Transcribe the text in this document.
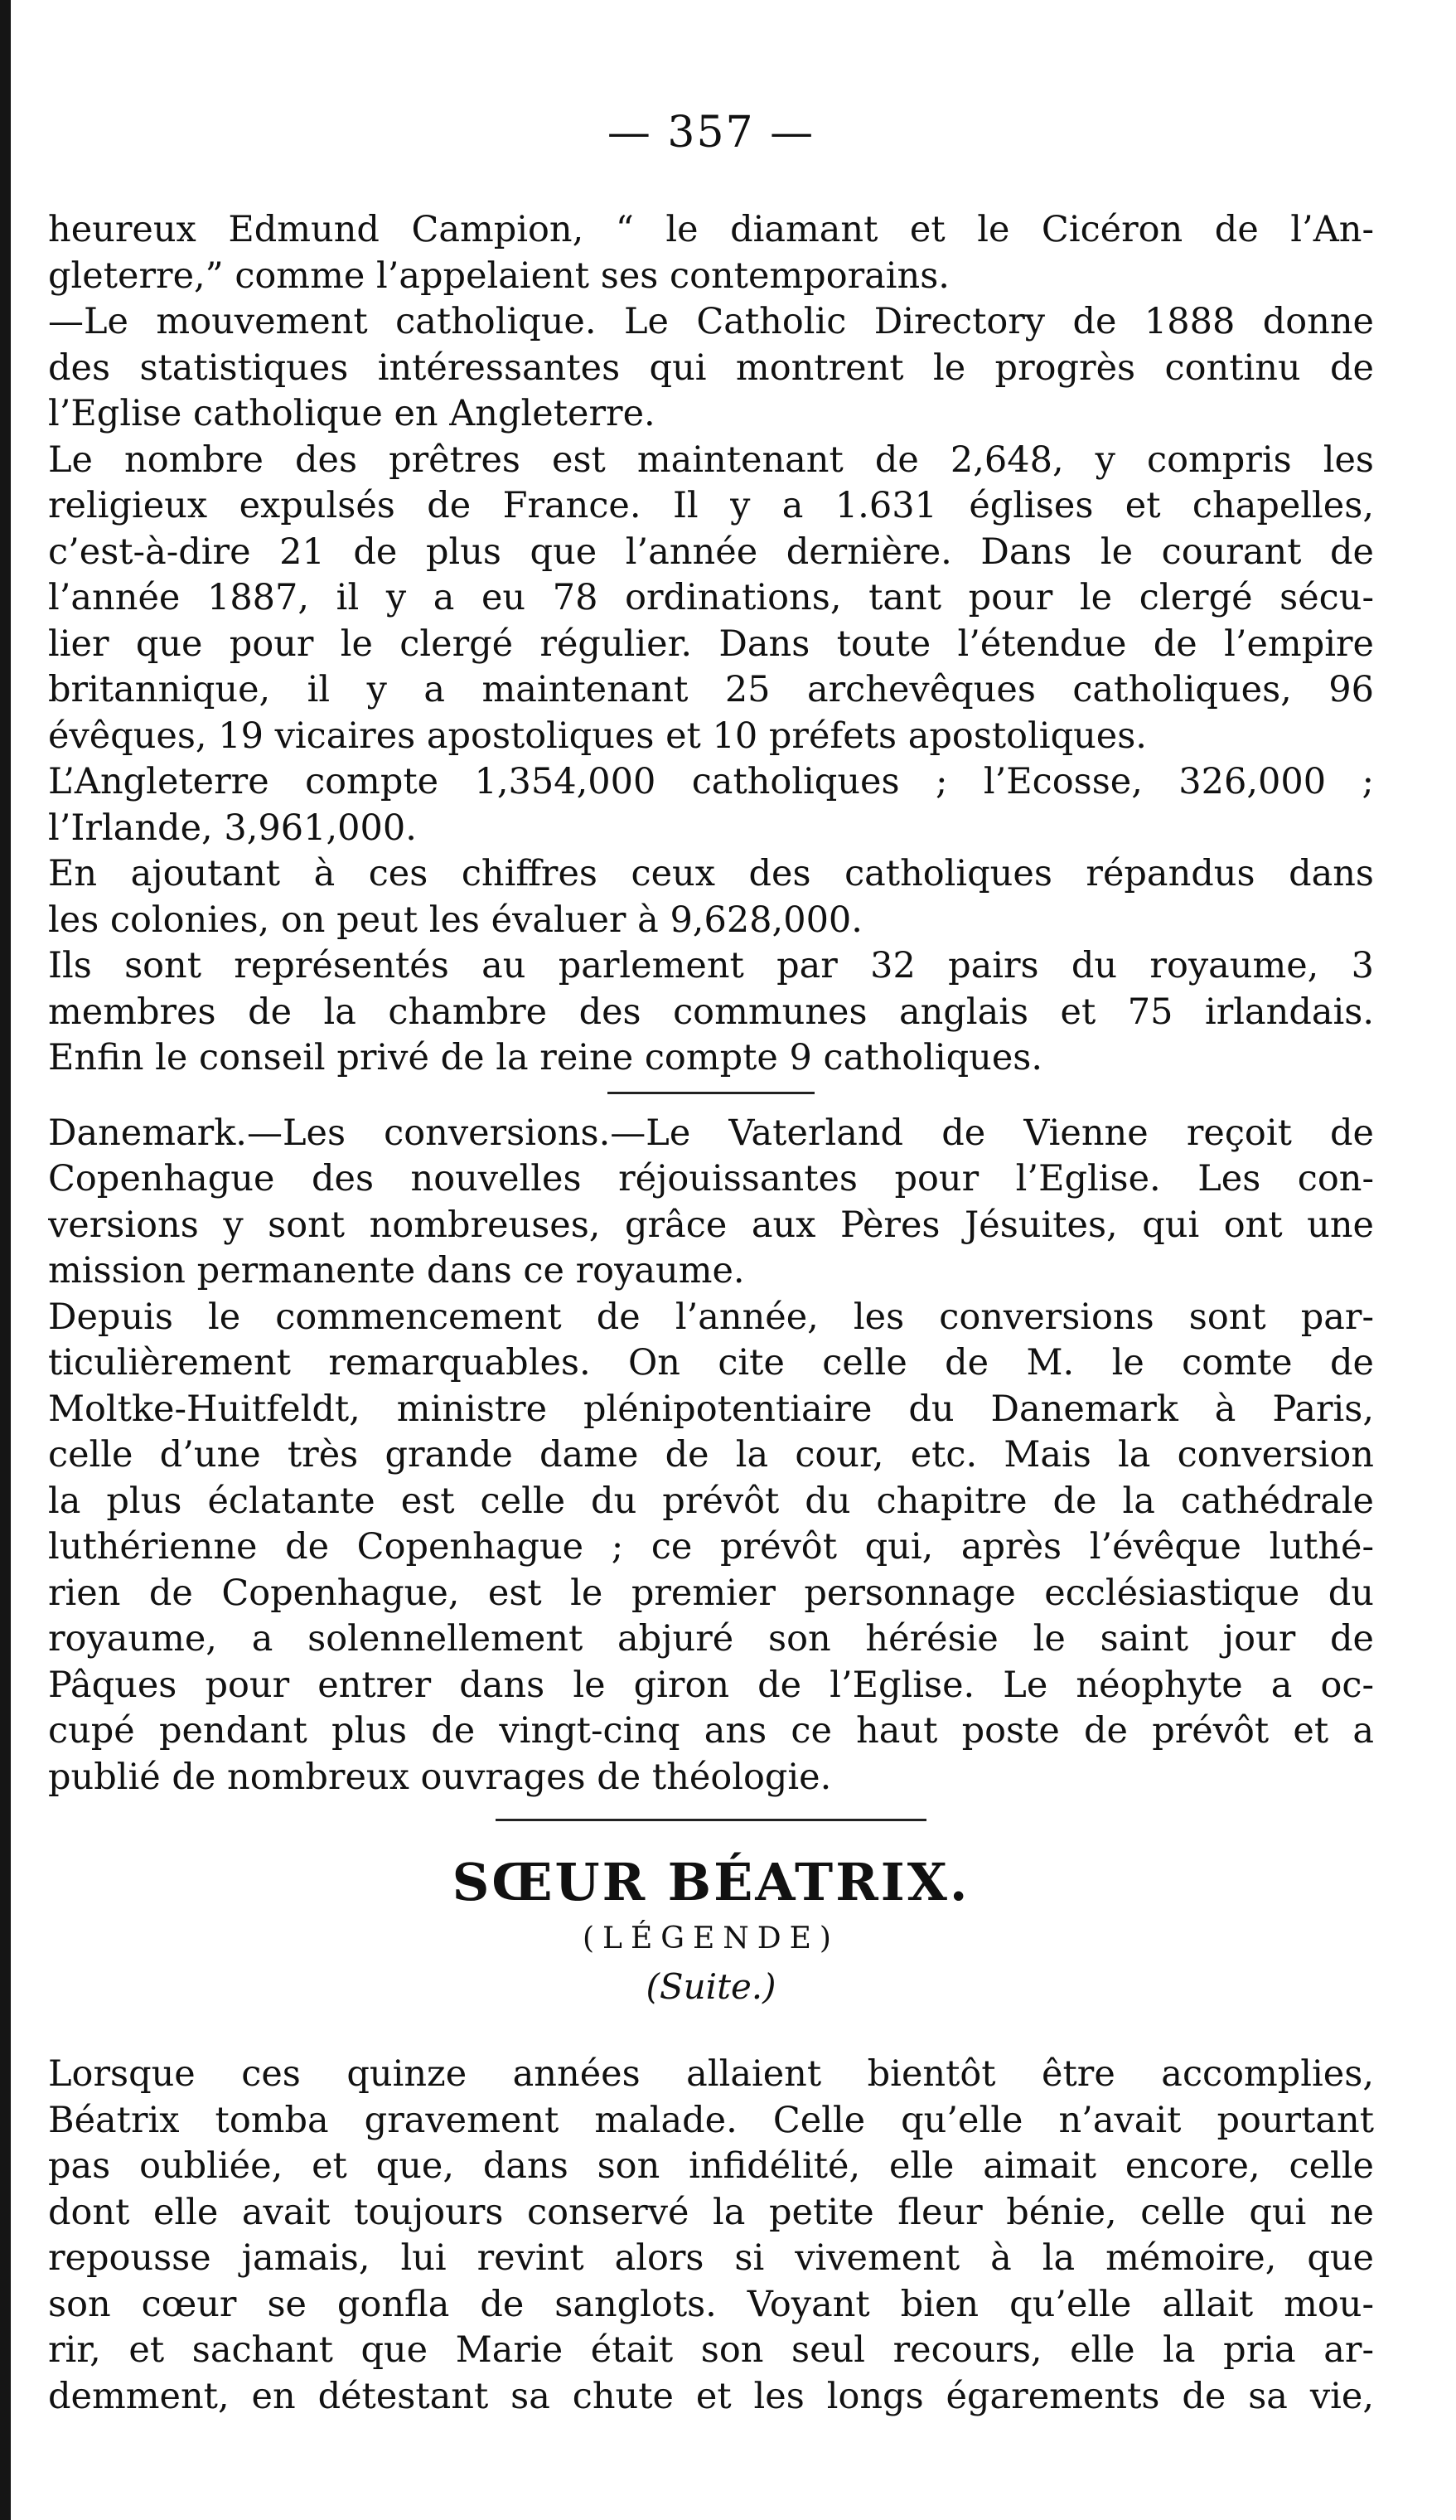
— 357 —
heureux Edmund Campion, “ le diamant et le Cicéron de l’An-
gleterre,” comme l’appelaient ses contemporains.
—Le mouvement catholique. Le Catholic Directory de 1888 donne
des statistiques intéressantes qui montrent le progrès continu de
l’Eglise catholique en Angleterre.
Le nombre des prêtres est maintenant de 2,648, y compris les
religieux expulsés de France. Il y a 1.631 églises et chapelles,
c’est-à-dire 21 de plus que l’année dernière. Dans le courant de
l’année 1887, il y a eu 78 ordinations, tant pour le clergé sécu-
lier que pour le clergé régulier. Dans toute l’étendue de l’empire
britannique, il y a maintenant 25 archevêques catholiques, 96
évêques, 19 vicaires apostoliques et 10 préfets apostoliques.
L’Angleterre compte 1,354,000 catholiques ; l’Ecosse, 326,000 ;
l’Irlande, 3,961,000.
En ajoutant à ces chiffres ceux des catholiques répandus dans
les colonies, on peut les évaluer à 9,628,000.
Ils sont représentés au parlement par 32 pairs du royaume, 3
membres de la chambre des communes anglais et 75 irlandais.
Enfin le conseil privé de la reine compte 9 catholiques.
Danemark.—Les conversions.—Le Vaterland de Vienne reçoit de
Copenhague des nouvelles réjouissantes pour l’Eglise. Les con-
versions y sont nombreuses, grâce aux Pères Jésuites, qui ont une
mission permanente dans ce royaume.
Depuis le commencement de l’année, les conversions sont par-
ticulièrement remarquables. On cite celle de M. le comte de
Moltke-Huitfeldt, ministre plénipotentiaire du Danemark à Paris,
celle d’une très grande dame de la cour, etc. Mais la conversion
la plus éclatante est celle du prévôt du chapitre de la cathédrale
luthérienne de Copenhague ; ce prévôt qui, après l’évêque luthé-
rien de Copenhague, est le premier personnage ecclésiastique du
royaume, a solennellement abjuré son hérésie le saint jour de
Pâques pour entrer dans le giron de l’Eglise. Le néophyte a oc-
cupé pendant plus de vingt-cinq ans ce haut poste de prévôt et a
publié de nombreux ouvrages de théologie.
SŒUR BÉATRIX.
(LÉGENDE)
(Suite.)
Lorsque ces quinze années allaient bientôt être accomplies,
Béatrix tomba gravement malade. Celle qu’elle n’avait pourtant
pas oubliée, et que, dans son infidélité, elle aimait encore, celle
dont elle avait toujours conservé la petite fleur bénie, celle qui ne
repousse jamais, lui revint alors si vivement à la mémoire, que
son cœur se gonfla de sanglots. Voyant bien qu’elle allait mou-
rir, et sachant que Marie était son seul recours, elle la pria ar-
demment, en détestant sa chute et les longs égarements de sa vie,
